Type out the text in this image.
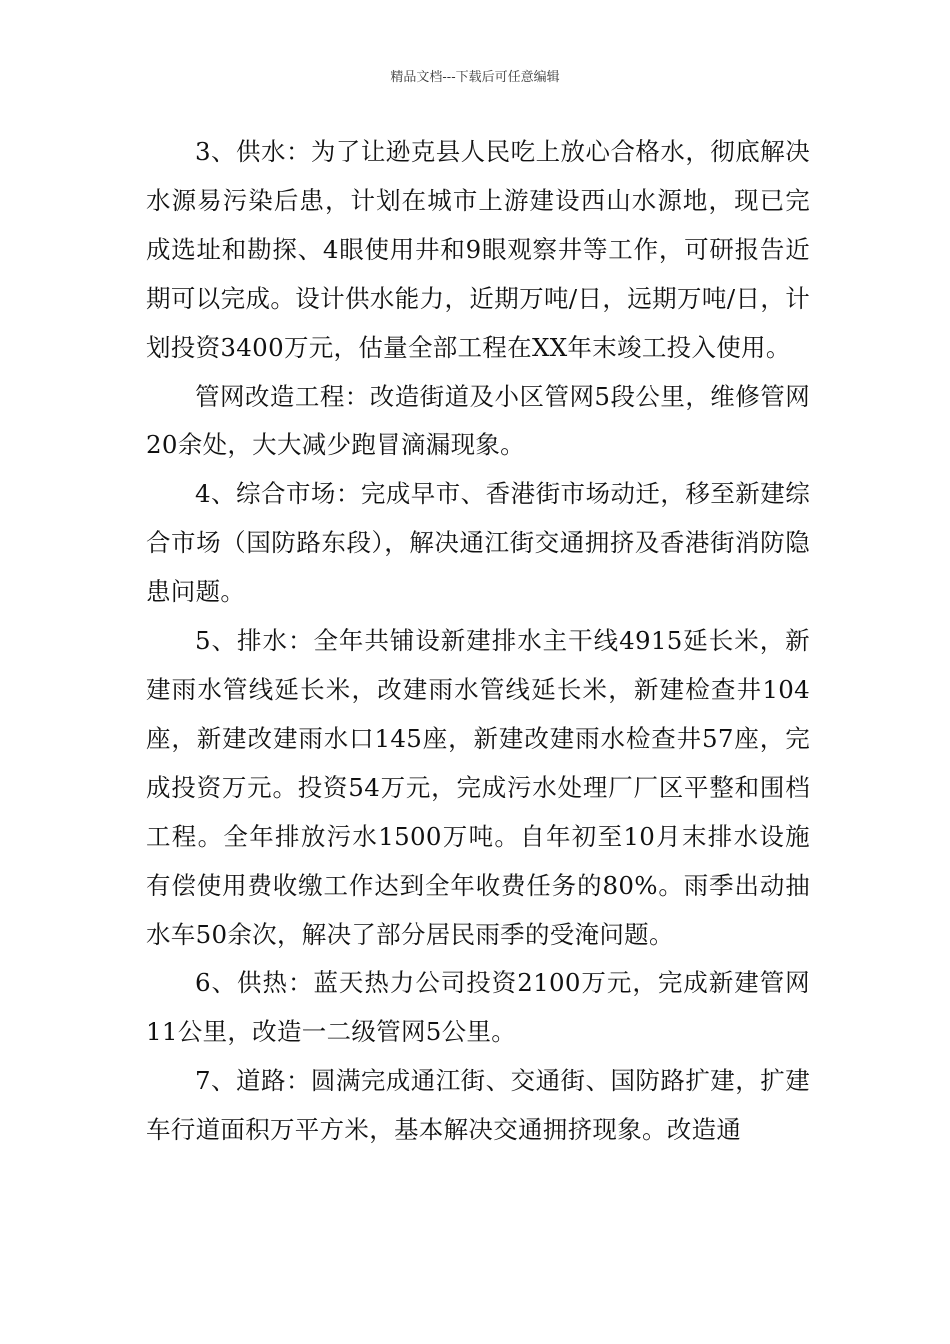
精品文档---下载后可任意编辑

3、供水：为了让逊克县人民吃上放心合格水，彻底解决水源易污染后患，计划在城市上游建设西山水源地，现已完成选址和勘探、4眼使用井和9眼观察井等工作，可研报告近期可以完成。设计供水能力，近期万吨/日，远期万吨/日，计划投资3400万元，估量全部工程在XX年末竣工投入使用。

管网改造工程：改造街道及小区管网5段公里，维修管网20余处，大大减少跑冒滴漏现象。

4、综合市场：完成早市、香港街市场动迁，移至新建综合市场（国防路东段），解决通江街交通拥挤及香港街消防隐患问题。

5、排水：全年共铺设新建排水主干线4915延长米，新建雨水管线延长米，改建雨水管线延长米，新建检查井104座，新建改建雨水口145座，新建改建雨水检查井57座，完成投资万元。投资54万元，完成污水处理厂厂区平整和围档工程。全年排放污水1500万吨。自年初至10月末排水设施有偿使用费收缴工作达到全年收费任务的80%。雨季出动抽水车50余次，解决了部分居民雨季的受淹问题。

6、供热：蓝天热力公司投资2100万元，完成新建管网11公里，改造一二级管网5公里。

7、道路：圆满完成通江街、交通街、国防路扩建，扩建车行道面积万平方米，基本解决交通拥挤现象。改造通
